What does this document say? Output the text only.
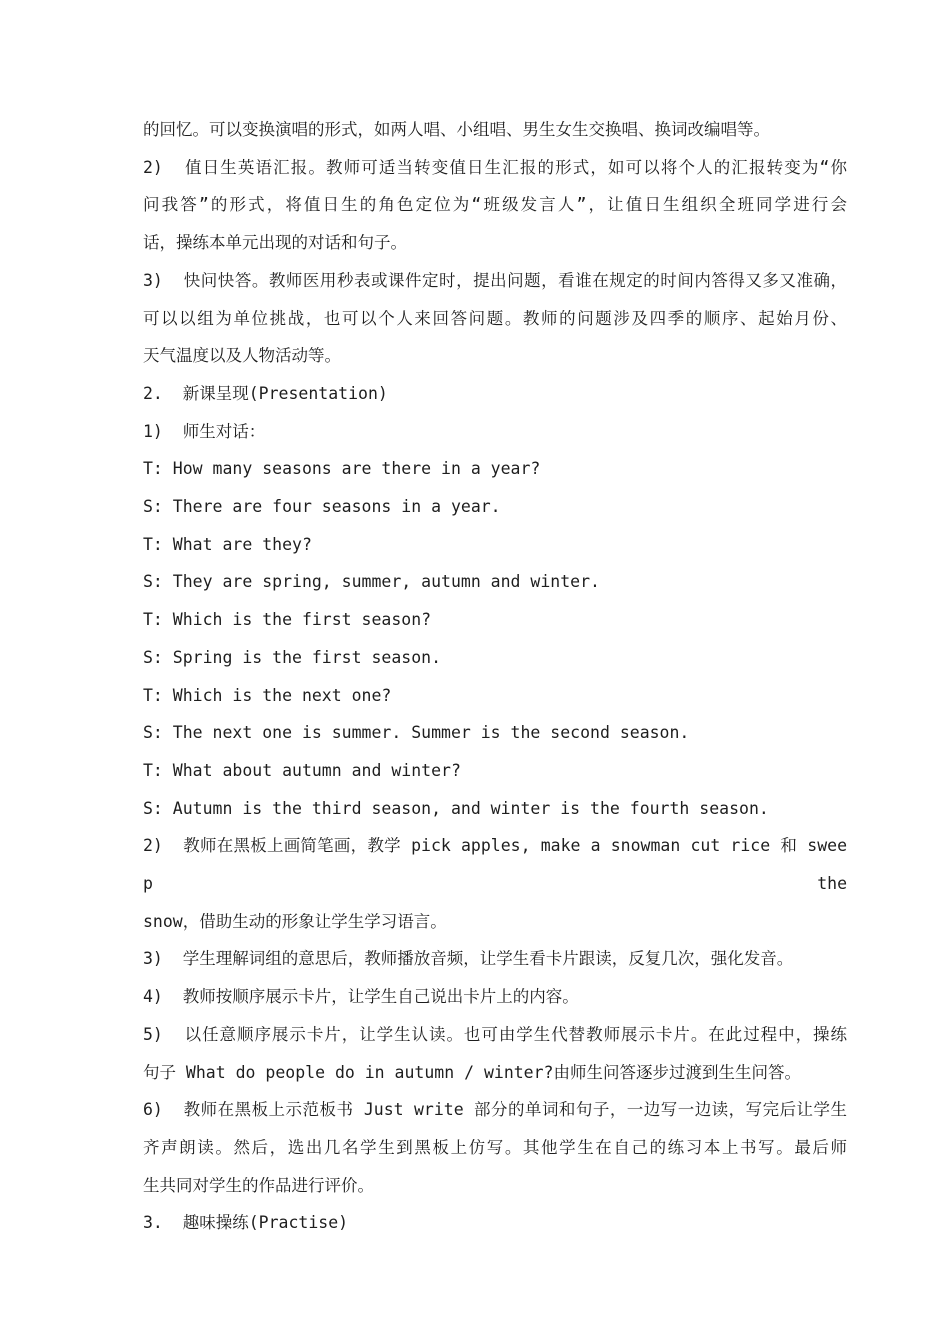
的回忆。可以变换演唱的形式，如两人唱、小组唱、男生女生交换唱、换词改编唱等。
2)  值日生英语汇报。教师可适当转变值日生汇报的形式，如可以将个人的汇报转变为“你
问我答”的形式，将值日生的角色定位为“班级发言人”，让值日生组织全班同学进行会
话，操练本单元出现的对话和句子。
3)  快问快答。教师医用秒表或课件定时，提出问题，看谁在规定的时间内答得又多又准确，
可以以组为单位挑战，也可以个人来回答问题。教师的问题涉及四季的顺序、起始月份、
天气温度以及人物活动等。
2.  新课呈现(Presentation)
1)  师生对话：
T: How many seasons are there in a year?
S: There are four seasons in a year.
T: What are they?
S: They are spring, summer, autumn and winter.
T: Which is the first season?
S: Spring is the first season.
T: Which is the next one?
S: The next one is summer. Summer is the second season.
T: What about autumn and winter?
S: Autumn is the third season, and winter is the fourth season.
2)  教师在黑板上画简笔画，教学 pick apples, make a snowman cut rice 和 sweep the
snow，借助生动的形象让学生学习语言。
3)  学生理解词组的意思后，教师播放音频，让学生看卡片跟读，反复几次，强化发音。
4)  教师按顺序展示卡片，让学生自己说出卡片上的内容。
5)  以任意顺序展示卡片，让学生认读。也可由学生代替教师展示卡片。在此过程中，操练
句子 What do people do in autumn / winter?由师生问答逐步过渡到生生问答。
6)  教师在黑板上示范板书 Just write 部分的单词和句子，一边写一边读，写完后让学生
齐声朗读。然后，选出几名学生到黑板上仿写。其他学生在自己的练习本上书写。最后师
生共同对学生的作品进行评价。
3.  趣味操练(Practise)
